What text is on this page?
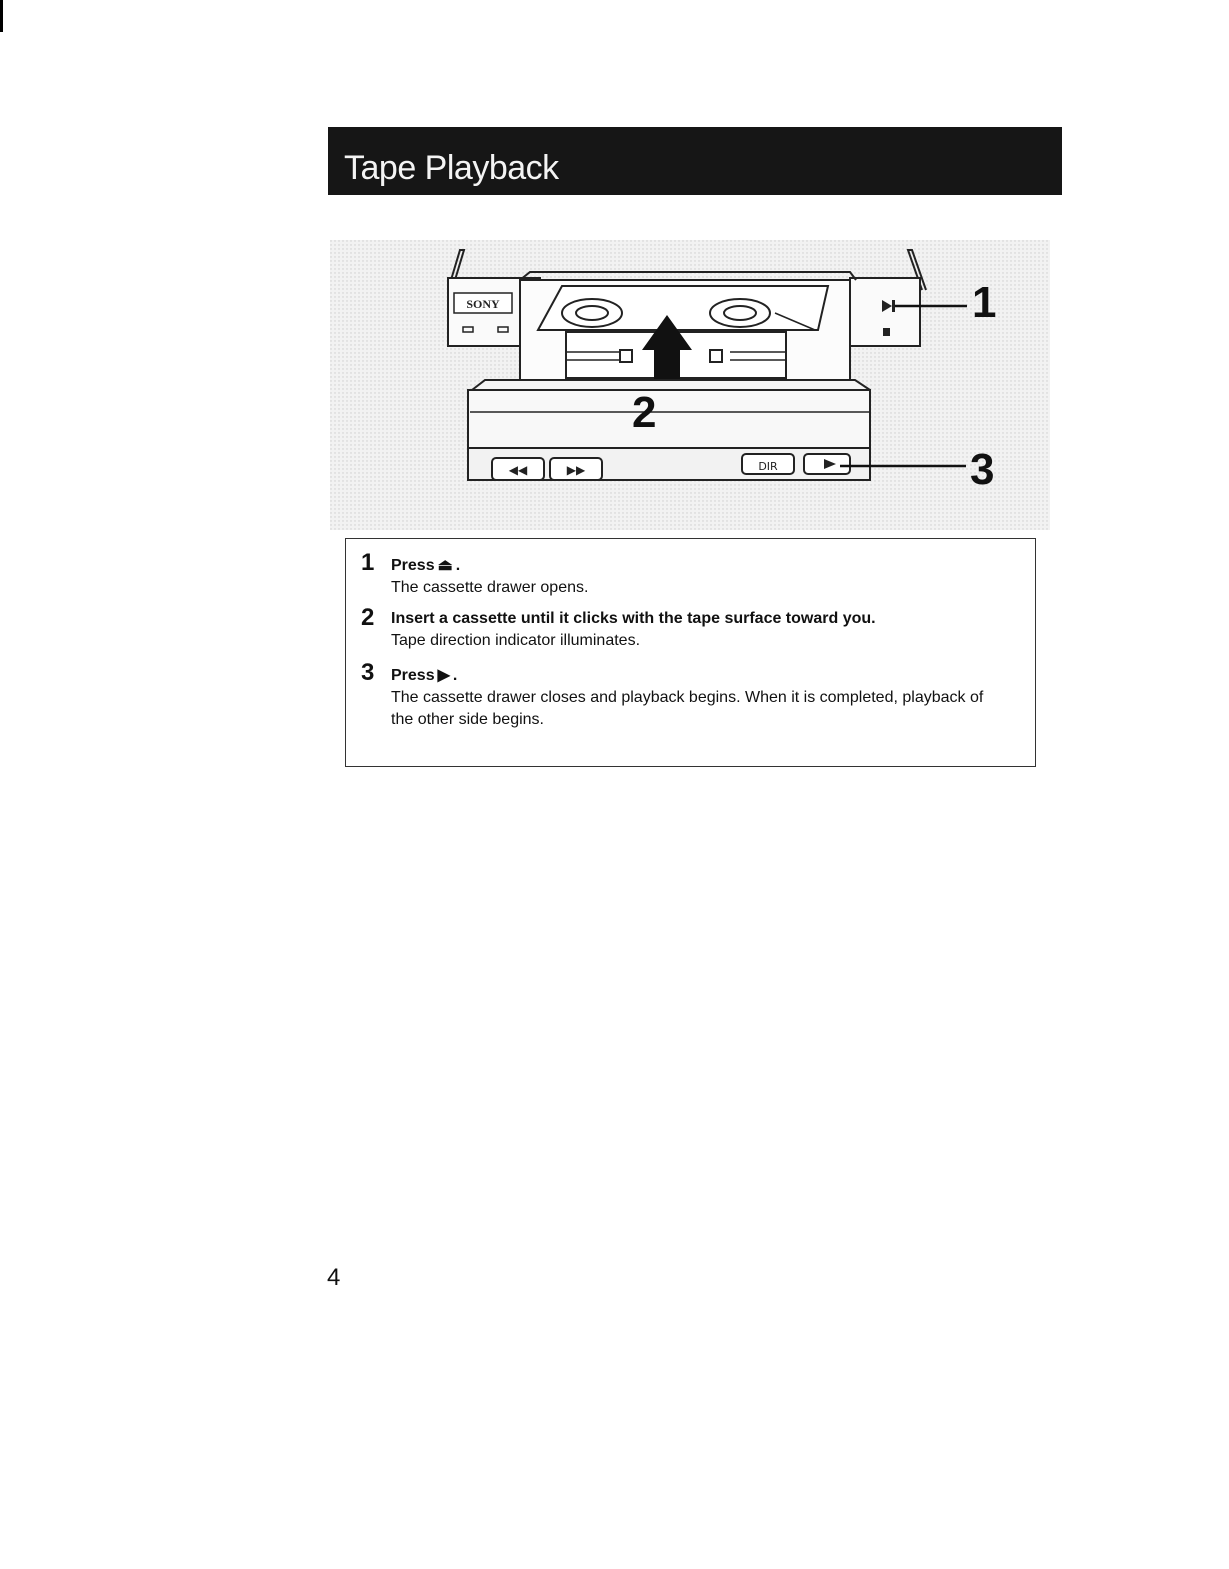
Tape Playback
SONY
◀◀	▶▶	DIR
1
2
3
1 Press ⏏ .
The cassette drawer opens.
2 Insert a cassette until it clicks with the tape surface toward you.
Tape direction indicator illuminates.
3 Press ▶ .
The cassette drawer closes and playback begins. When it is completed, playback of the other side begins.
4
